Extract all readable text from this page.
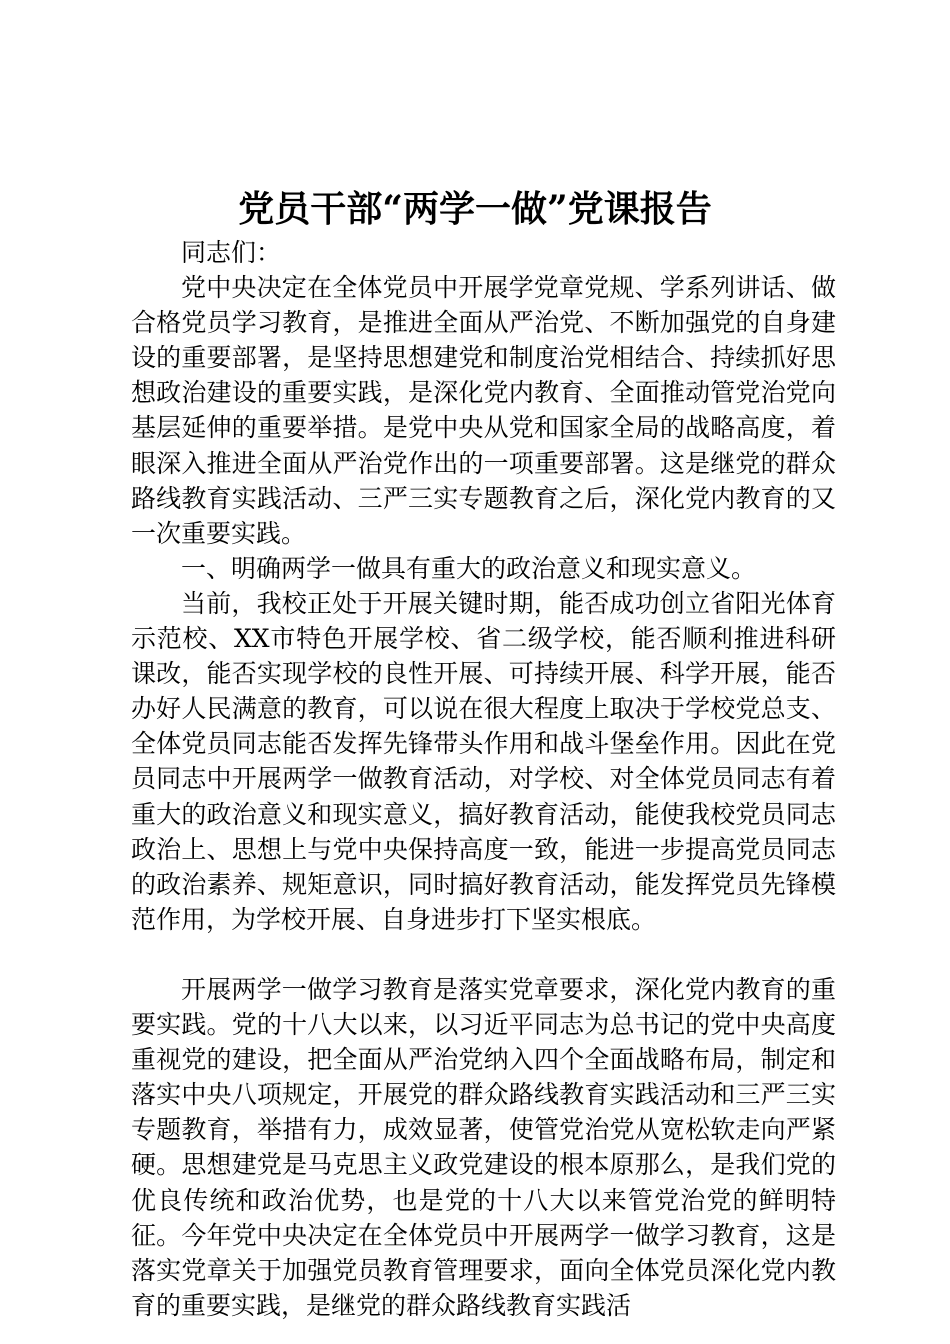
党员干部“两学一做”党课报告

同志们：

党中央决定在全体党员中开展学党章党规、学系列讲话、做合格党员学习教育，是推进全面从严治党、不断加强党的自身建设的重要部署，是坚持思想建党和制度治党相结合、持续抓好思想政治建设的重要实践，是深化党内教育、全面推动管党治党向基层延伸的重要举措。是党中央从党和国家全局的战略高度，着眼深入推进全面从严治党作出的一项重要部署。这是继党的群众路线教育实践活动、三严三实专题教育之后，深化党内教育的又一次重要实践。

一、明确两学一做具有重大的政治意义和现实意义。

当前，我校正处于开展关键时期，能否成功创立省阳光体育示范校、XX市特色开展学校、省二级学校，能否顺利推进科研课改，能否实现学校的良性开展、可持续开展、科学开展，能否办好人民满意的教育，可以说在很大程度上取决于学校党总支、全体党员同志能否发挥先锋带头作用和战斗堡垒作用。因此在党员同志中开展两学一做教育活动，对学校、对全体党员同志有着重大的政治意义和现实意义，搞好教育活动，能使我校党员同志政治上、思想上与党中央保持高度一致，能进一步提高党员同志的政治素养、规矩意识，同时搞好教育活动，能发挥党员先锋模范作用，为学校开展、自身进步打下坚实根底。

开展两学一做学习教育是落实党章要求，深化党内教育的重要实践。党的十八大以来，以习近平同志为总书记的党中央高度重视党的建设，把全面从严治党纳入四个全面战略布局，制定和落实中央八项规定，开展党的群众路线教育实践活动和三严三实专题教育，举措有力，成效显著，使管党治党从宽松软走向严紧硬。思想建党是马克思主义政党建设的根本原那么，是我们党的优良传统和政治优势，也是党的十八大以来管党治党的鲜明特征。今年党中央决定在全体党员中开展两学一做学习教育，这是落实党章关于加强党员教育管理要求，面向全体党员深化党内教育的重要实践，是继党的群众路线教育实践活
